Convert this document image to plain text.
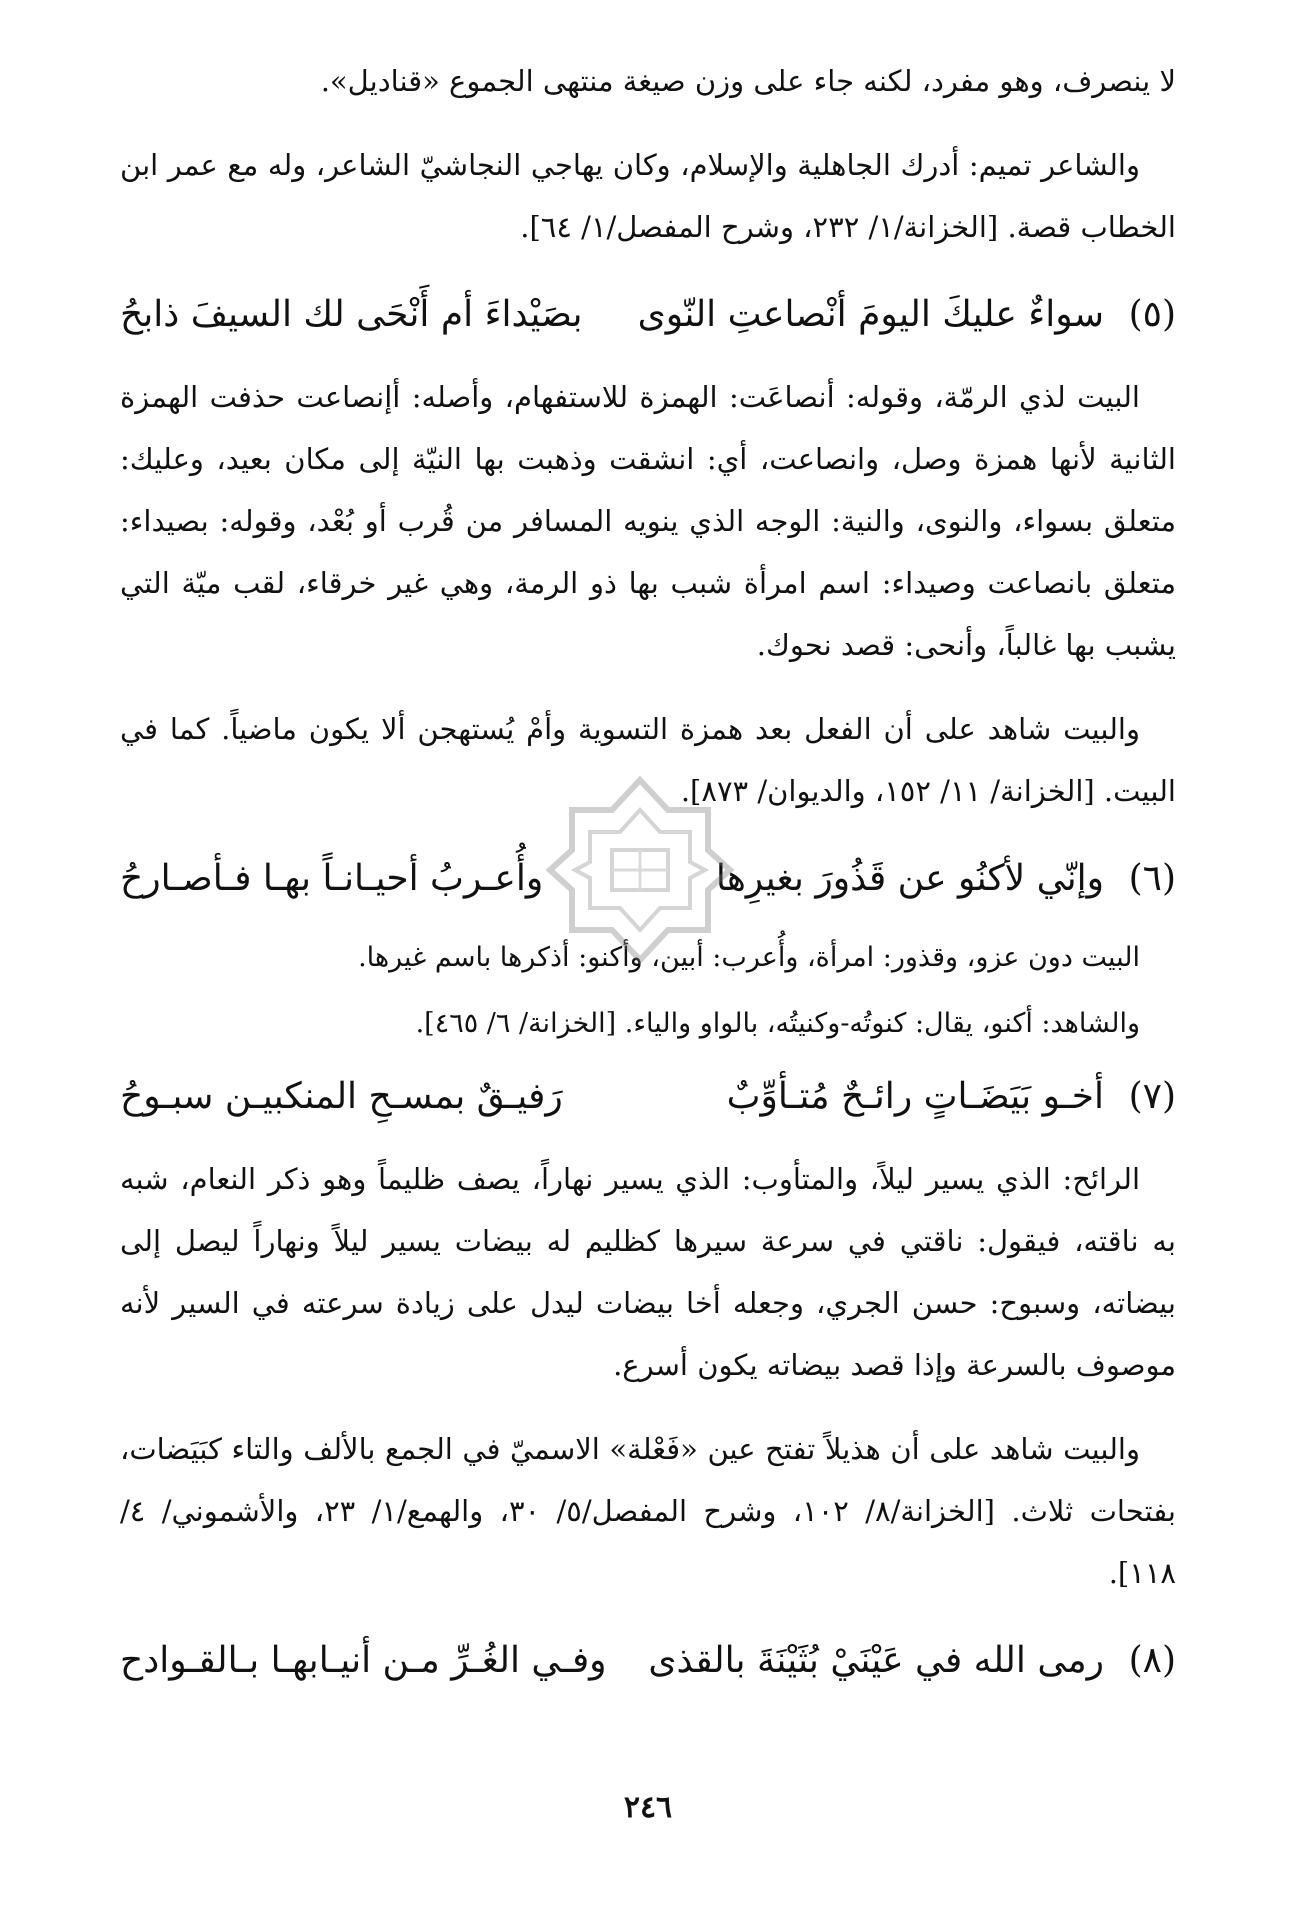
لا ينصرف، وهو مفرد، لكنه جاء على وزن صيغة منتهى الجموع «قناديل».

والشاعر تميم: أدرك الجاهلية والإسلام، وكان يهاجي النجاشيّ الشاعر، وله مع عمر ابن الخطاب قصة. [الخزانة/١/ ٢٣٢، وشرح المفصل/١/ ٦٤].

(٥)
سواءٌ عليكَ اليومَ أنْصاعتِ النّوى
بصَيْداءَ أم أَنْحَى لك السيفَ ذابحُ

البيت لذي الرمّة، وقوله: أنصاعَت: الهمزة للاستفهام، وأصله: أإنصاعت حذفت الهمزة الثانية لأنها همزة وصل، وانصاعت، أي: انشقت وذهبت بها النيّة إلى مكان بعيد، وعليك: متعلق بسواء، والنوى، والنية: الوجه الذي ينويه المسافر من قُرب أو بُعْد، وقوله: بصيداء: متعلق بانصاعت وصيداء: اسم امرأة شبب بها ذو الرمة، وهي غير خرقاء، لقب ميّة التي يشبب بها غالباً، وأنحى: قصد نحوك.

والبيت شاهد على أن الفعل بعد همزة التسوية وأمْ يُستهجن ألا يكون ماضياً. كما في البيت. [الخزانة/ ١١/ ١٥٢، والديوان/ ٨٧٣].

(٦)
وإنّي لأكنُو عن قَذُورَ بغيرِها
وأُعـربُ أحيـانـاً بهـا فـأصـارحُ

البيت دون عزو، وقذور: امرأة، وأُعرب: أبين، وأكنو: أذكرها باسم غيرها.

والشاهد: أكنو، يقال: كنوتُه-وكنيتُه، بالواو والياء. [الخزانة/ ٦/ ٤٦٥].

(٧)
أخـو بَيَضَـاتٍ رائـحٌ مُتـأوِّبٌ
رَفيـقٌ بمسـحِ المنكبيـن سبـوحُ

الرائح: الذي يسير ليلاً، والمتأوب: الذي يسير نهاراً، يصف ظليماً وهو ذكر النعام، شبه به ناقته، فيقول: ناقتي في سرعة سيرها كظليم له بيضات يسير ليلاً ونهاراً ليصل إلى بيضاته، وسبوح: حسن الجري، وجعله أخا بيضات ليدل على زيادة سرعته في السير لأنه موصوف بالسرعة وإذا قصد بيضاته يكون أسرع.

والبيت شاهد على أن هذيلاً تفتح عين «فَعْلة» الاسميّ في الجمع بالألف والتاء كبَيَضات، بفتحات ثلاث. [الخزانة/٨/ ١٠٢، وشرح المفصل/٥/ ٣٠، والهمع/١/ ٢٣، والأشموني/ ٤/ ١١٨].

(٨)
رمى الله في عَيْنَيْ بُثَيْنَةَ بالقذى
وفـي الغُـرِّ مـن أنيـابهـا بـالقـوادح
٢٤٦
